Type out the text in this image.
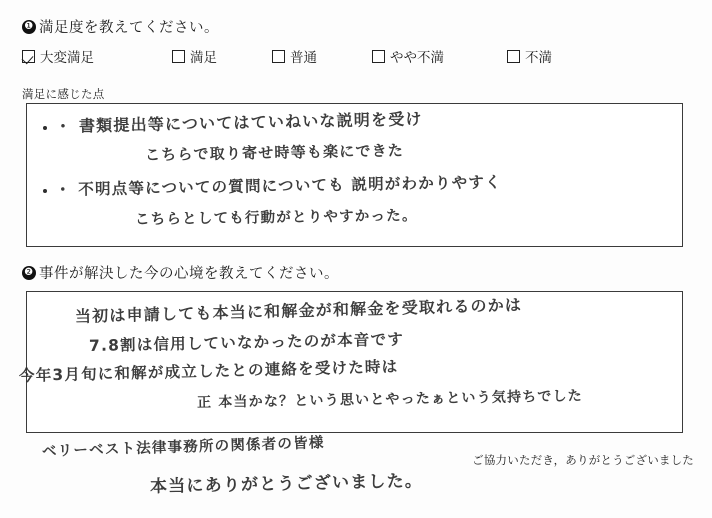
❶ 満足度を教えてください。
大変満足	満足	普通	やや不満	不満
満足に感じた点
・ 書類提出等についてはていねいな説明を受け
こちらで取り寄せ時等も楽にできた
・ 不明点等についての質問についても 説明がわかりやすく
こちらとしても行動がとりやすかった。
❷ 事件が解決した今の心境を教えてください。
当初は申請しても本当に和解金が和解金を受取れるのかは
7.8割は信用していなかったのが本音です
今年3月旬に和解が成立したとの連絡を受けた時は
正 本当かな？という思いとやったぁという気持ちでした
ベリーベスト法律事務所の関係者の皆様
本当にありがとうございました。
ご協力いただき，ありがとうございました
